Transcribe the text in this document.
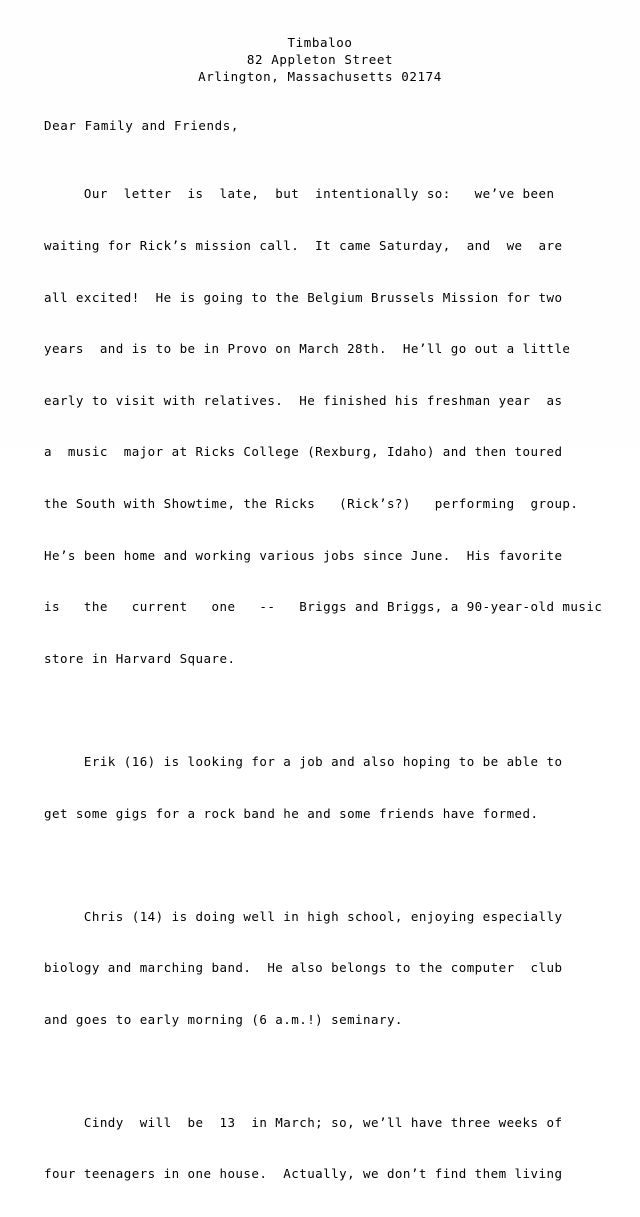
Timbaloo
82 Appleton Street
Arlington, Massachusetts 02174
Dear Family and Friends,

Our  letter  is  late,  but  intentionally so:   we’ve been

waiting for Rick’s mission call.  It came Saturday,  and  we  are

all excited!  He is going to the Belgium Brussels Mission for two

years  and is to be in Provo on March 28th.  He’ll go out a little

early to visit with relatives.  He finished his freshman year  as

a  music  major at Ricks College (Rexburg, Idaho) and then toured

the South with Showtime, the Ricks   (Rick’s?)   performing  group.

He’s been home and working various jobs since June.  His favorite

is   the   current   one   --   Briggs and Briggs, a 90-year-old music

store in Harvard Square.

Erik (16) is looking for a job and also hoping to be able to

get some gigs for a rock band he and some friends have formed.

Chris (14) is doing well in high school, enjoying especially

biology and marching band.  He also belongs to the computer  club

and goes to early morning (6 a.m.!) seminary.

Cindy  will  be  13  in March; so, we’ll have three weeks of

four teenagers in one house.  Actually, we don’t find them living
